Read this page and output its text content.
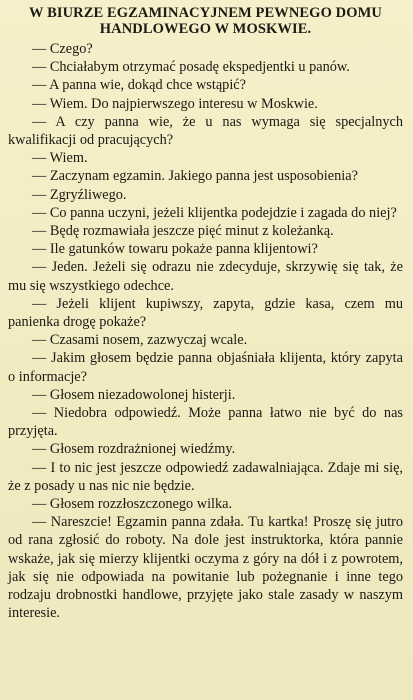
W BIURZE EGZAMINACYJNEM PEWNEGO DOMU
HANDLOWEGO W MOSKWIE.

— Czego?

— Chciałabym otrzymać posadę ekspedjentki u panów.

— A panna wie, dokąd chce wstąpić?

— Wiem. Do najpierwszego interesu w Moskwie.

— A czy panna wie, że u nas wymaga się specjalnych kwalifikacji od pracujących?

— Wiem.

— Zaczynam egzamin. Jakiego panna jest usposobienia?

— Zgryźliwego.

— Co panna uczyni, jeżeli klijentka podejdzie i zagada do niej?

— Będę rozmawiała jeszcze pięć minut z koleżanką.

— Ile gatunków towaru pokaże panna klijentowi?

— Jeden. Jeżeli się odrazu nie zdecyduje, skrzywię się tak, że mu się wszystkiego odechce.

— Jeżeli klijent kupiwszy, zapyta, gdzie kasa, czem mu panienka drogę pokaże?

— Czasami nosem, zazwyczaj wcale.

— Jakim głosem będzie panna objaśniała klijenta, który zapyta o informacje?

— Głosem niezadowolonej histerji.

— Niedobra odpowiedź. Może panna łatwo nie być do nas przyjęta.

— Głosem rozdrażnionej wiedźmy.

— I to nic jest jeszcze odpowiedź zadawalniająca. Zdaje mi się, że z posady u nas nic nie będzie.

— Głosem rozzłoszczonego wilka.

— Nareszcie! Egzamin panna zdała. Tu kartka! Proszę się jutro od rana zgłosić do roboty. Na dole jest instruktorka, która pannie wskaże, jak się mierzy klijentki oczyma z góry na dół i z powrotem, jak się nie odpowiada na powitanie lub pożegnanie i inne tego rodzaju drobnostki handlowe, przyjęte jako stale zasady w naszym interesie.
